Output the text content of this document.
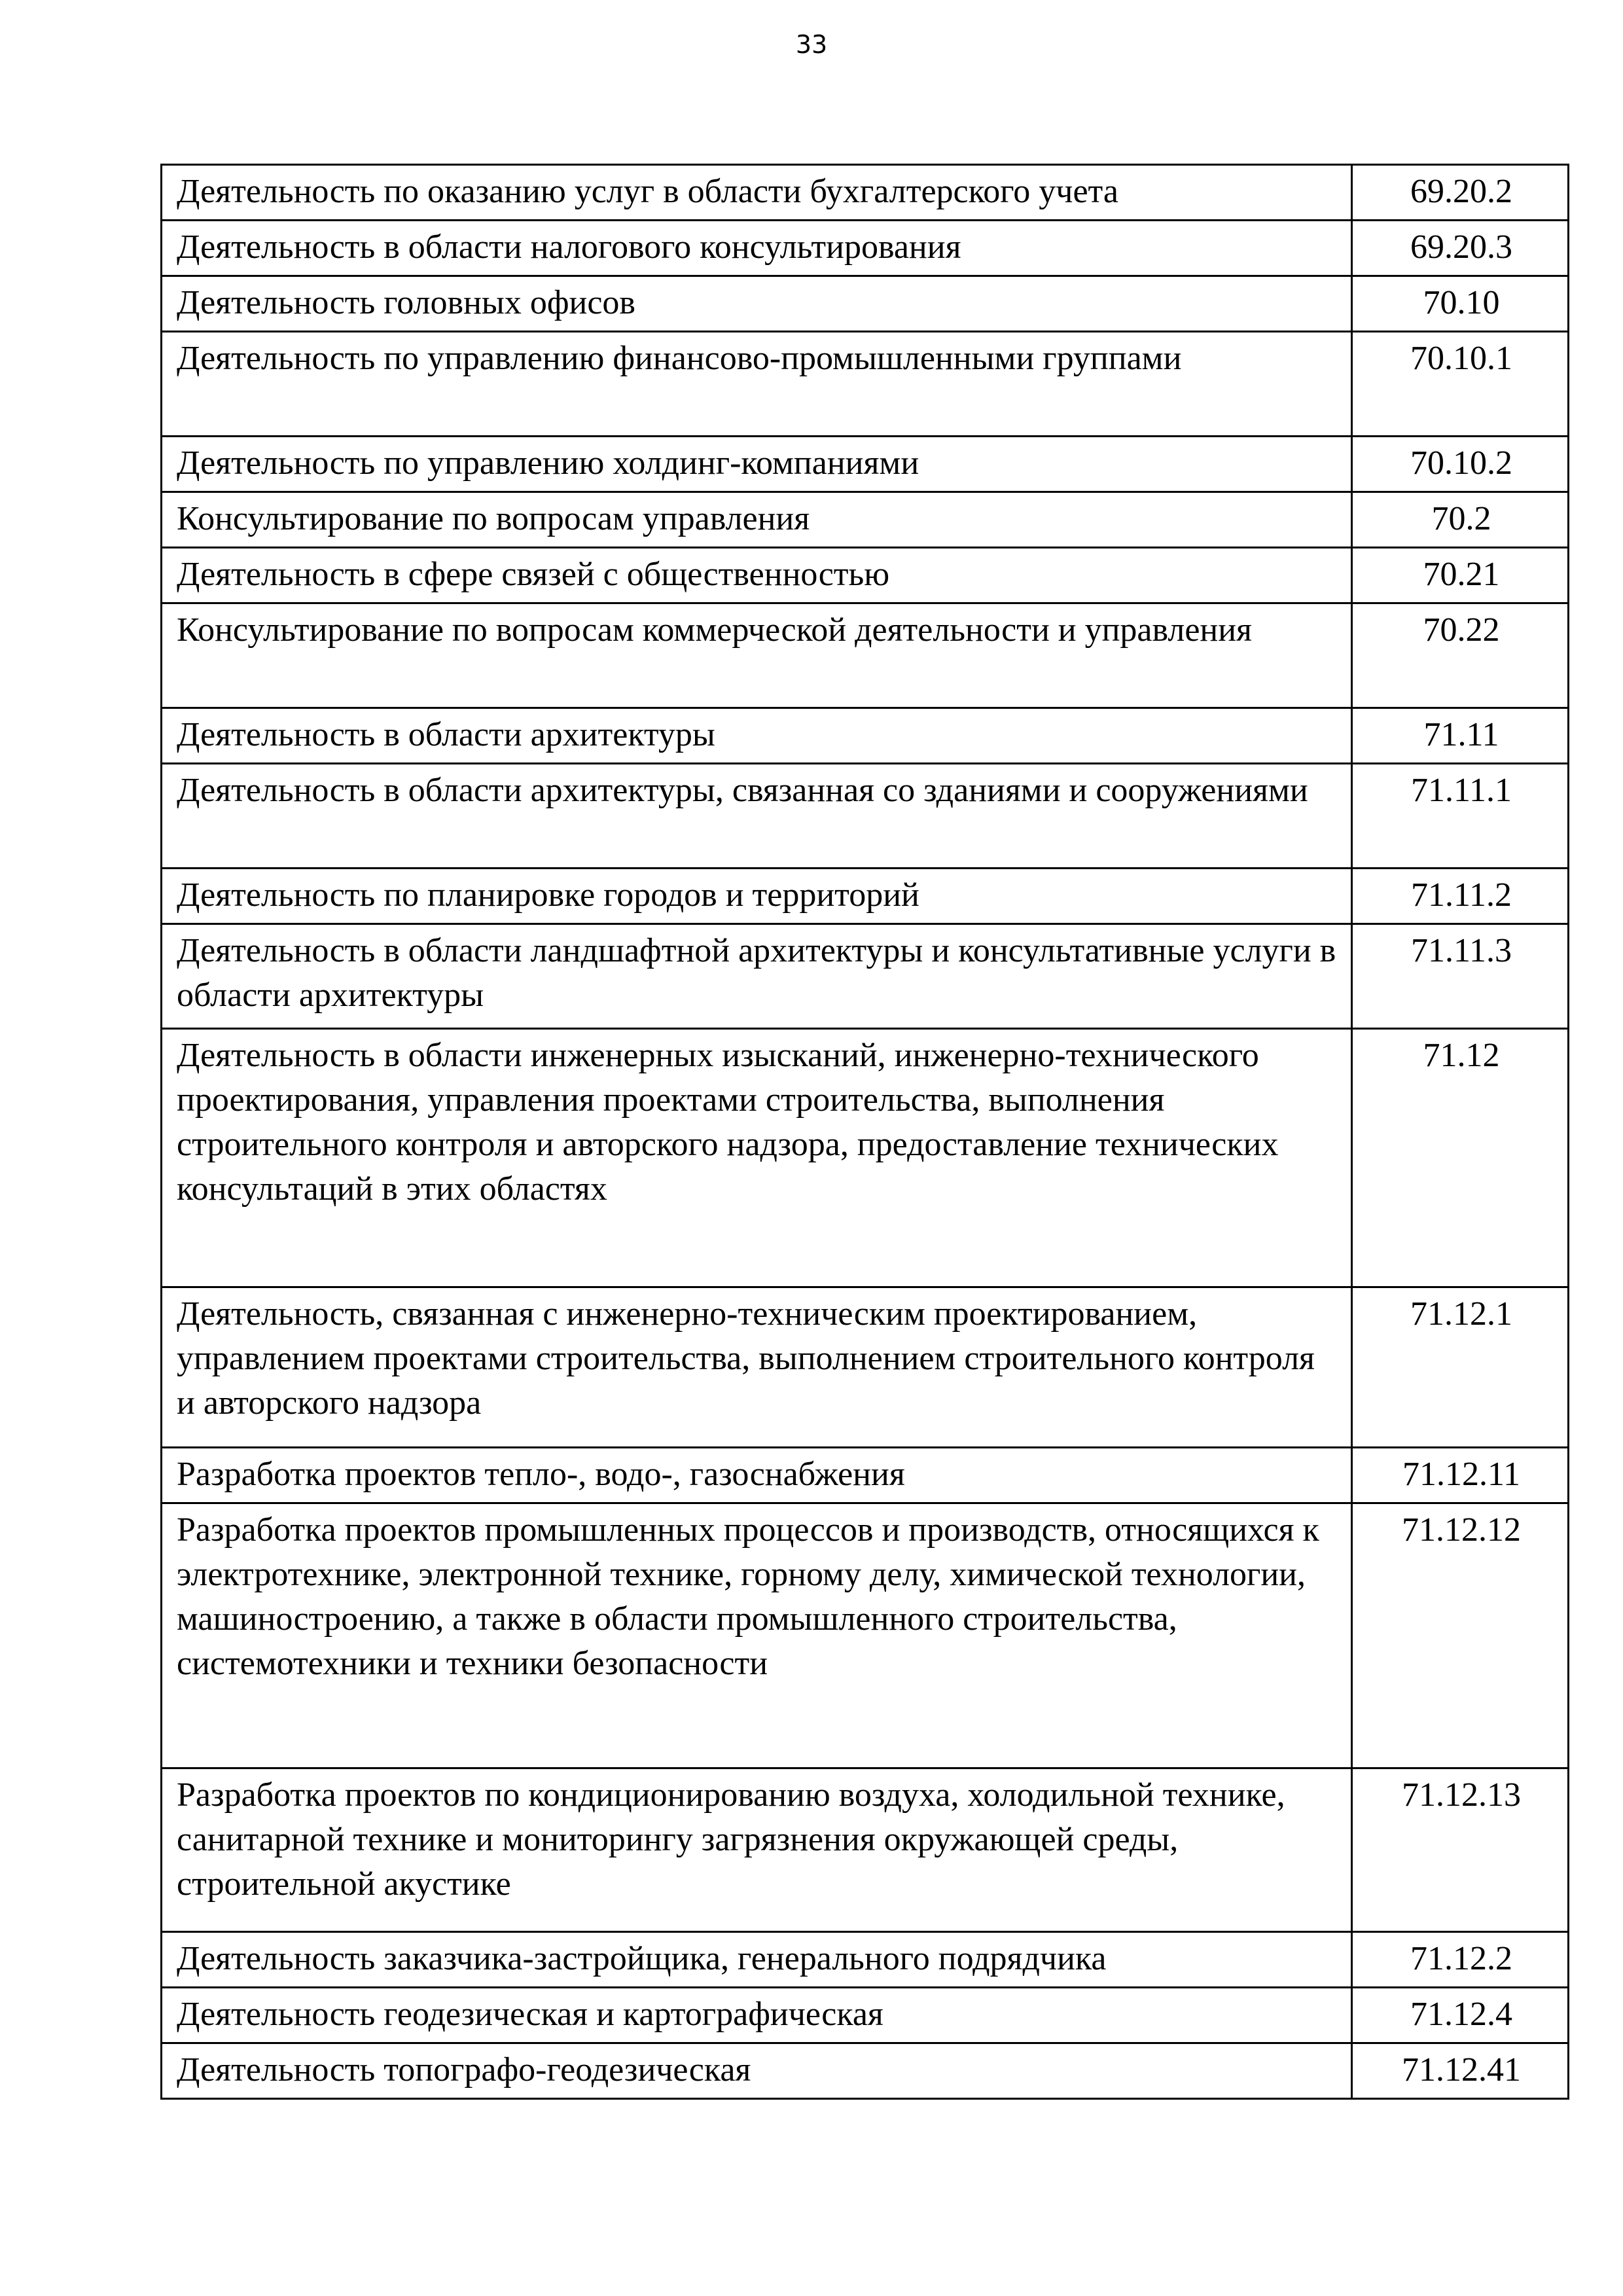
33
Деятельность по оказанию услуг в области бухгалтерского учета	69.20.2
Деятельность в области налогового консультирования	69.20.3
Деятельность головных офисов	70.10
Деятельность по управлению финансово-промышленными группами	70.10.1
Деятельность по управлению холдинг-компаниями	70.10.2
Консультирование по вопросам управления	70.2
Деятельность в сфере связей с общественностью	70.21
Консультирование по вопросам коммерческой деятельности и управления	70.22
Деятельность в области архитектуры	71.11
Деятельность в области архитектуры, связанная со зданиями и сооружениями	71.11.1
Деятельность по планировке городов и территорий	71.11.2
Деятельность в области ландшафтной архитектуры и консультативные услуги в области архитектуры	71.11.3
Деятельность в области инженерных изысканий, инженерно-технического проектирования, управления проектами строительства, выполнения строительного контроля и авторского надзора, предоставление технических консультаций в этих областях	71.12
Деятельность, связанная с инженерно-техническим проектированием, управлением проектами строительства, выполнением строительного контроля и авторского надзора	71.12.1
Разработка проектов тепло-, водо-, газоснабжения	71.12.11
Разработка проектов промышленных процессов и производств, относящихся к электротехнике, электронной технике, горному делу, химической технологии, машиностроению, а также в области промышленного строительства, системотехники и техники безопасности	71.12.12
Разработка проектов по кондиционированию воздуха, холодильной технике, санитарной технике и мониторингу загрязнения окружающей среды, строительной акустике	71.12.13
Деятельность заказчика-застройщика, генерального подрядчика	71.12.2
Деятельность геодезическая и картографическая	71.12.4
Деятельность топографо-геодезическая	71.12.41
